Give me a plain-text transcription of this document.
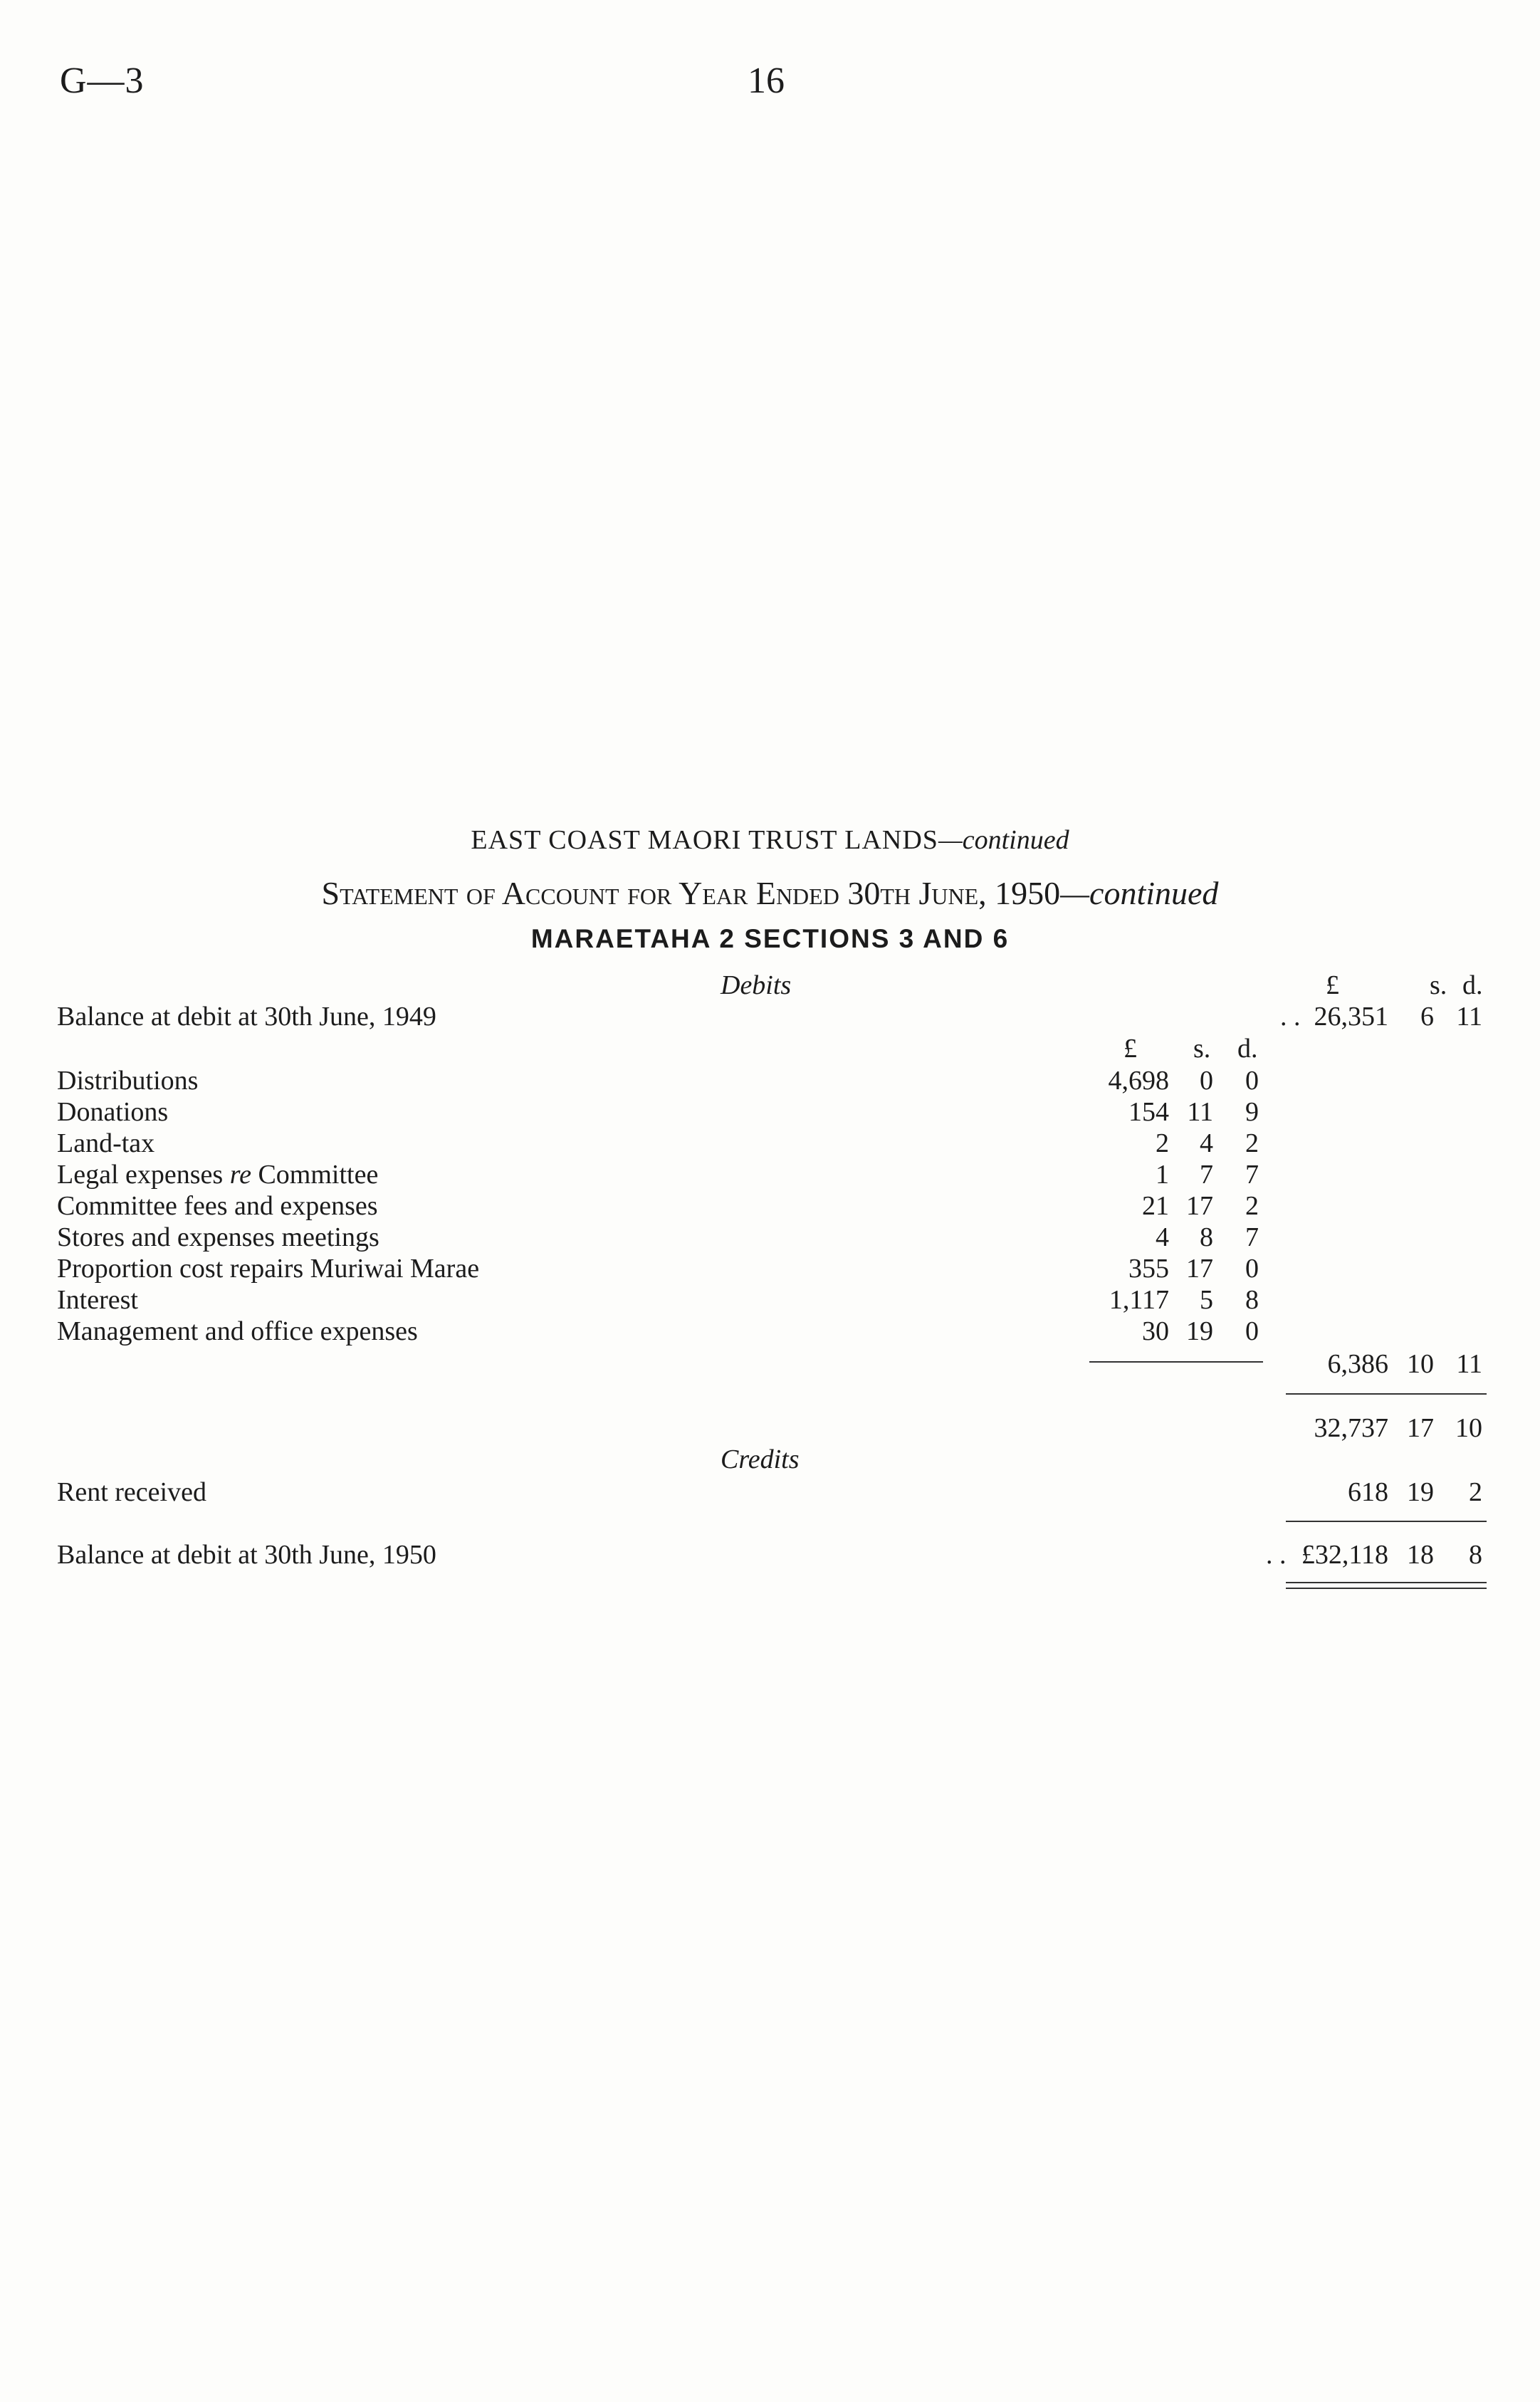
G—3	16
EAST COAST MAORI TRUST LANDS—continued
Statement of Account for Year Ended 30th June, 1950—continued
MARAETAHA 2 SECTIONS 3 AND 6
Debits	£	s. d.
Balance at debit at 30th June, 1949	. . 26,351	6 11
£ s. d.
Distributions	4,698	0	0
Donations	154 11	9
Land-tax	2	4	2
Legal expenses re Committee	1	7	7
Committee fees and expenses	21 17	2
Stores and expenses meetings	4	8	7
Proportion cost repairs Muriwai Marae	355 17	0
Interest	1,117	5	8
Management and office expenses	30 19	0
6,386 10 11
32,737 17 10
Credits
Rent received	618 19	2
Balance at debit at 30th June, 1950	. . £32,118 18	8
